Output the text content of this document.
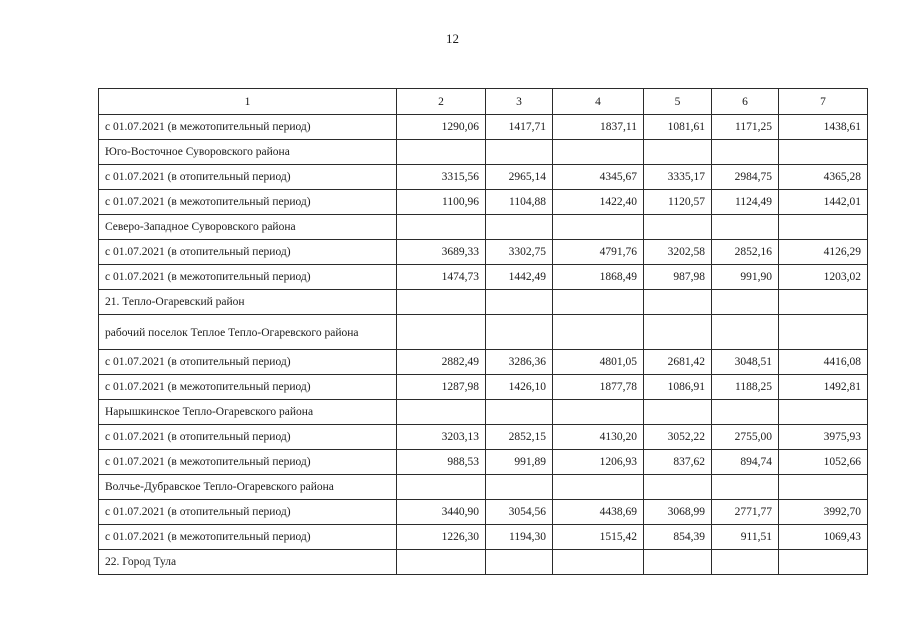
12
1	2	3	4	5	6	7
с 01.07.2021 (в межотопительный период)	1290,06	1417,71	1837,11	1081,61	1171,25	1438,61
Юго-Восточное Суворовского района						
с 01.07.2021 (в отопительный период)	3315,56	2965,14	4345,67	3335,17	2984,75	4365,28
с 01.07.2021 (в межотопительный период)	1100,96	1104,88	1422,40	1120,57	1124,49	1442,01
Северо-Западное Суворовского района						
с 01.07.2021 (в отопительный период)	3689,33	3302,75	4791,76	3202,58	2852,16	4126,29
с 01.07.2021 (в межотопительный период)	1474,73	1442,49	1868,49	987,98	991,90	1203,02
21. Тепло-Огаревский район						
рабочий поселок Теплое Тепло-Огаревского района						
с 01.07.2021 (в отопительный период)	2882,49	3286,36	4801,05	2681,42	3048,51	4416,08
с 01.07.2021 (в межотопительный период)	1287,98	1426,10	1877,78	1086,91	1188,25	1492,81
Нарышкинское Тепло-Огаревского района						
с 01.07.2021 (в отопительный период)	3203,13	2852,15	4130,20	3052,22	2755,00	3975,93
с 01.07.2021 (в межотопительный период)	988,53	991,89	1206,93	837,62	894,74	1052,66
Волчье-Дубравское Тепло-Огаревского района						
с 01.07.2021 (в отопительный период)	3440,90	3054,56	4438,69	3068,99	2771,77	3992,70
с 01.07.2021 (в межотопительный период)	1226,30	1194,30	1515,42	854,39	911,51	1069,43
22. Город Тула						
